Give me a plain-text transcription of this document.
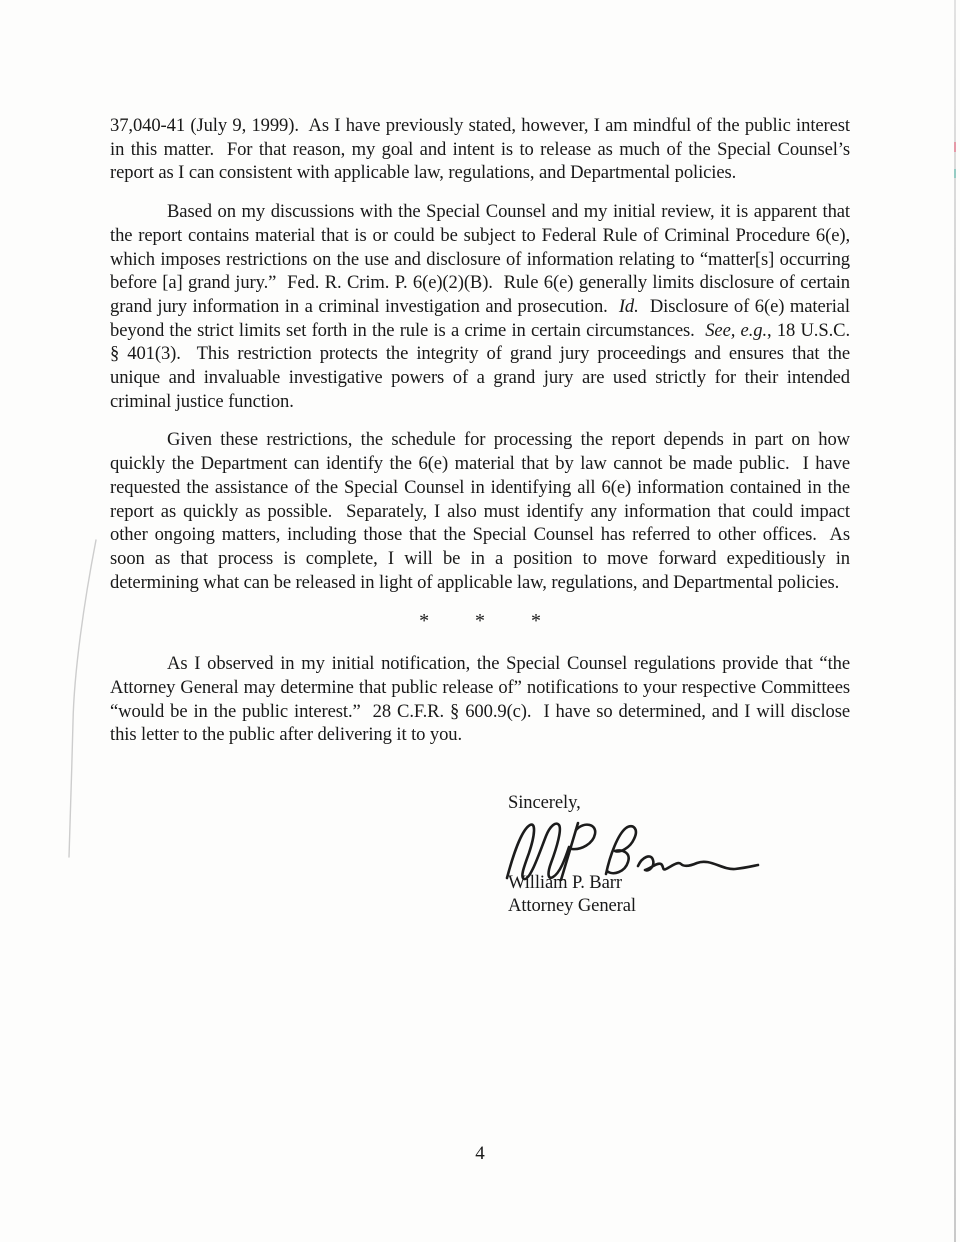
37,040-41 (July 9, 1999).  As I have previously stated, however, I am mindful of the public interest in this matter.  For that reason, my goal and intent is to release as much of the Special Counsel’s report as I can consistent with applicable law, regulations, and Departmental policies.

Based on my discussions with the Special Counsel and my initial review, it is apparent that the report contains material that is or could be subject to Federal Rule of Criminal Procedure 6(e), which imposes restrictions on the use and disclosure of information relating to “matter[s] occurring before [a] grand jury.”  Fed. R. Crim. P. 6(e)(2)(B).  Rule 6(e) generally limits disclosure of certain grand jury information in a criminal investigation and prosecution.  Id.  Disclosure of 6(e) material beyond the strict limits set forth in the rule is a crime in certain circumstances.  See, e.g., 18 U.S.C. § 401(3).  This restriction protects the integrity of grand jury proceedings and ensures that the unique and invaluable investigative powers of a grand jury are used strictly for their intended criminal justice function.

Given these restrictions, the schedule for processing the report depends in part on how quickly the Department can identify the 6(e) material that by law cannot be made public.  I have requested the assistance of the Special Counsel in identifying all 6(e) information contained in the report as quickly as possible.  Separately, I also must identify any information that could impact other ongoing matters, including those that the Special Counsel has referred to other offices.  As soon as that process is complete, I will be in a position to move forward expeditiously in determining what can be released in light of applicable law, regulations, and Departmental policies.

* * *

As I observed in my initial notification, the Special Counsel regulations provide that “the Attorney General may determine that public release of” notifications to your respective Committees “would be in the public interest.”  28 C.F.R. § 600.9(c).  I have so determined, and I will disclose this letter to the public after delivering it to you.

Sincerely,
William P. Barr
Attorney General
4
